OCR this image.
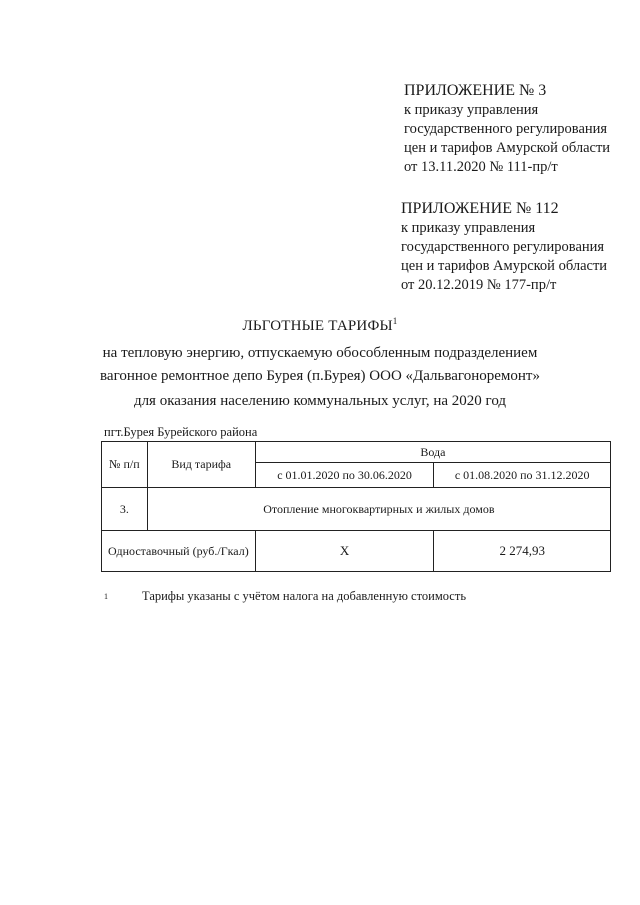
ПРИЛОЖЕНИЕ № 3
к приказу управления
государственного регулирования
цен и тарифов Амурской области
от 13.11.2020 № 111-пр/т
ПРИЛОЖЕНИЕ № 112
к приказу управления
государственного регулирования
цен и тарифов Амурской области
от 20.12.2019 № 177-пр/т
ЛЬГОТНЫЕ ТАРИФЫ$^1$
на тепловую энергию, отпускаемую обособленным подразделением
вагонное ремонтное депо Бурея (п.Бурея) ООО «Дальвагоноремонт»
для оказания населению коммунальных услуг, на 2020 год
пгт.Бурея Бурейского района
№ п/п	Вид тарифа	Вода	
		с 01.01.2020 по 30.06.2020	с 01.08.2020 по 31.12.2020
3.	Отопление многоквартирных и жилых домов		
Одноставочный (руб./Гкал)		Х	2 274,93
1	Тарифы указаны с учётом налога на добавленную стоимость
